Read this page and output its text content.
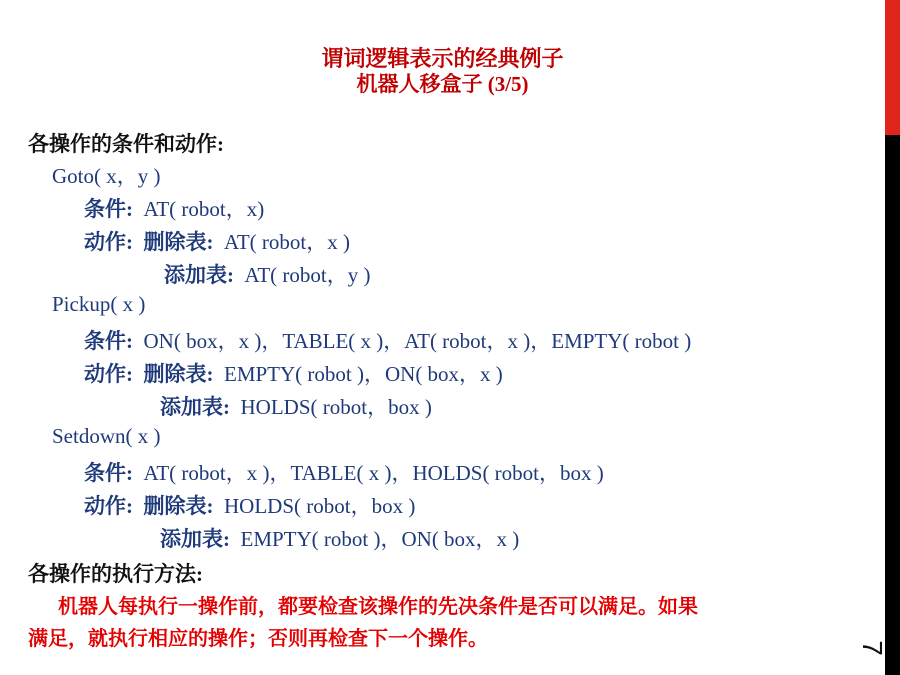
7
谓词逻辑表示的经典例子
机器人移盒子 (3/5)
各操作的条件和动作:
Goto( x，y )
条件: AT( robot，x)
动作: 删除表: AT( robot，x )
添加表: AT( robot，y )
Pickup( x )
条件: ON( box，x )，TABLE( x )，AT( robot，x )，EMPTY( robot )
动作: 删除表: EMPTY( robot )，ON( box，x )
添加表: HOLDS( robot，box )
Setdown( x )
条件: AT( robot，x )，TABLE( x )，HOLDS( robot，box )
动作: 删除表: HOLDS( robot，box )
添加表: EMPTY( robot )，ON( box，x )
各操作的执行方法:
机器人每执行一操作前，都要检查该操作的先决条件是否可以满足。如果
满足，就执行相应的操作；否则再检查下一个操作。
